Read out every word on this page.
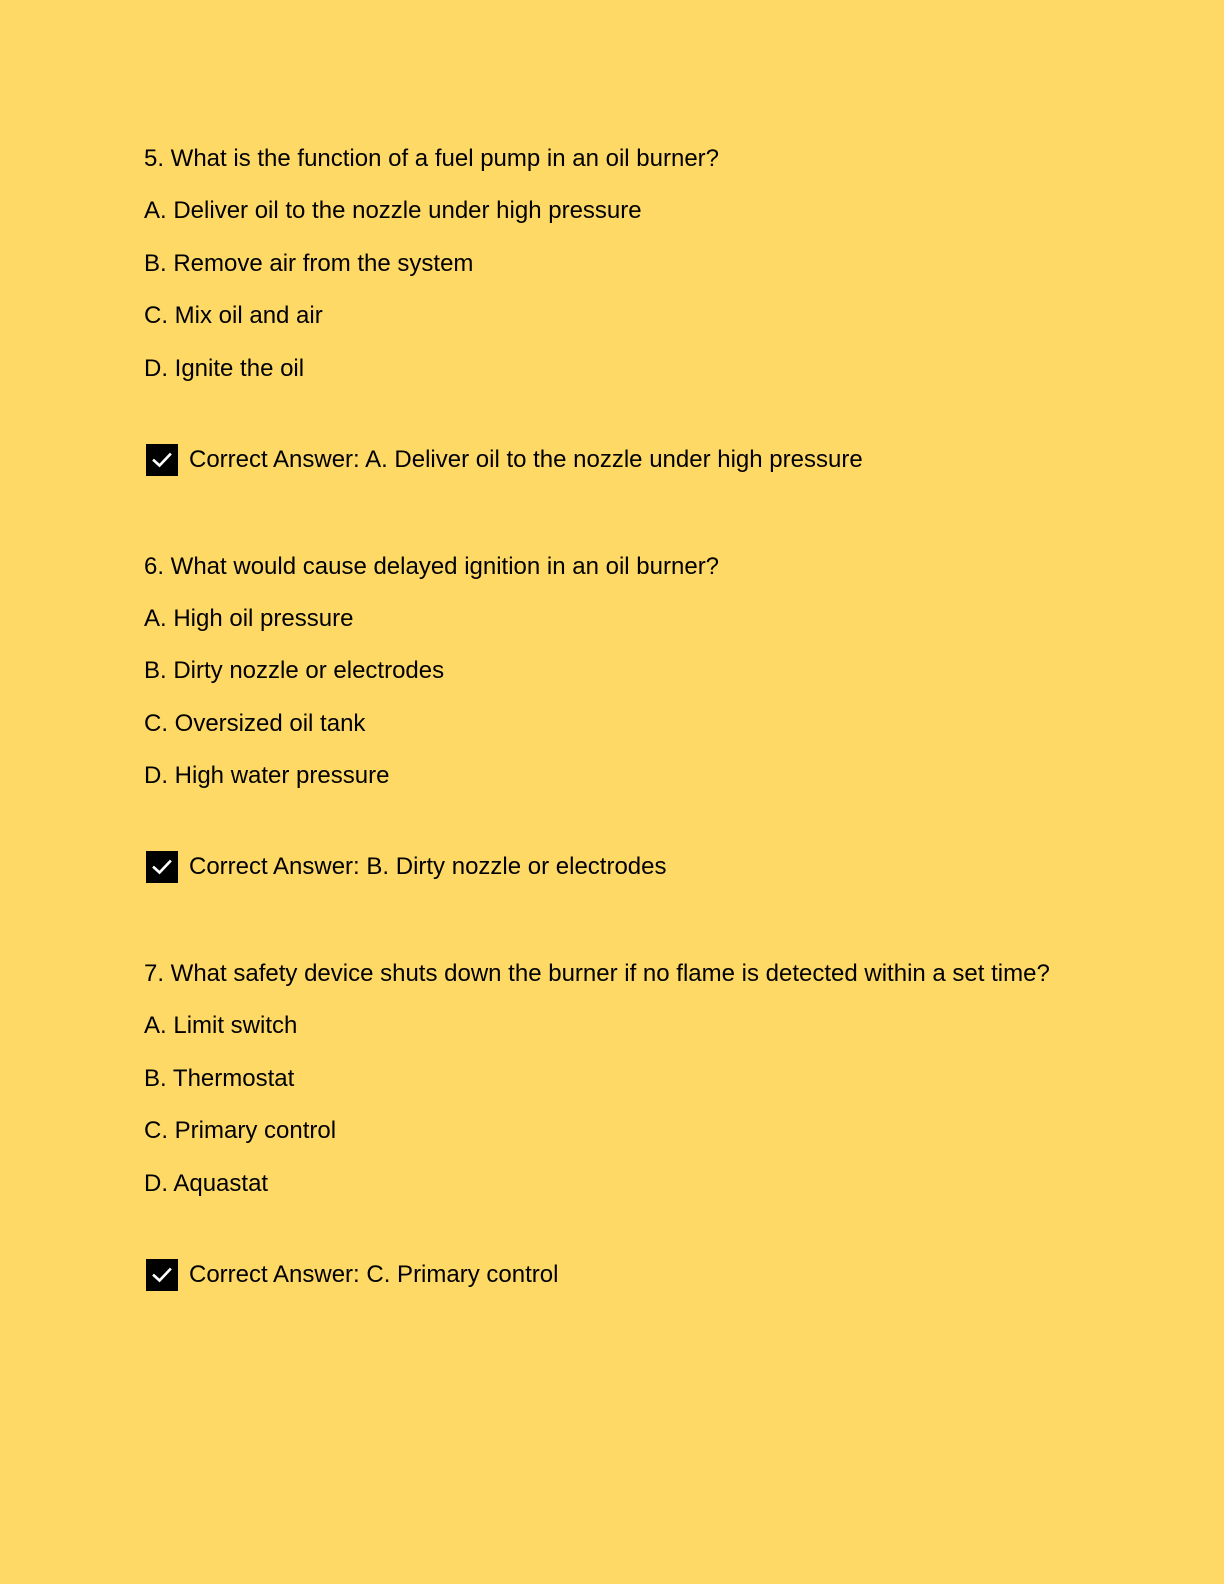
5. What is the function of a fuel pump in an oil burner?

A. Deliver oil to the nozzle under high pressure

B. Remove air from the system

C. Mix oil and air

D. Ignite the oil

Correct Answer: A. Deliver oil to the nozzle under high pressure

6. What would cause delayed ignition in an oil burner?

A. High oil pressure

B. Dirty nozzle or electrodes

C. Oversized oil tank

D. High water pressure

Correct Answer: B. Dirty nozzle or electrodes

7. What safety device shuts down the burner if no flame is detected within a set time?

A. Limit switch

B. Thermostat

C. Primary control

D. Aquastat

Correct Answer: C. Primary control
